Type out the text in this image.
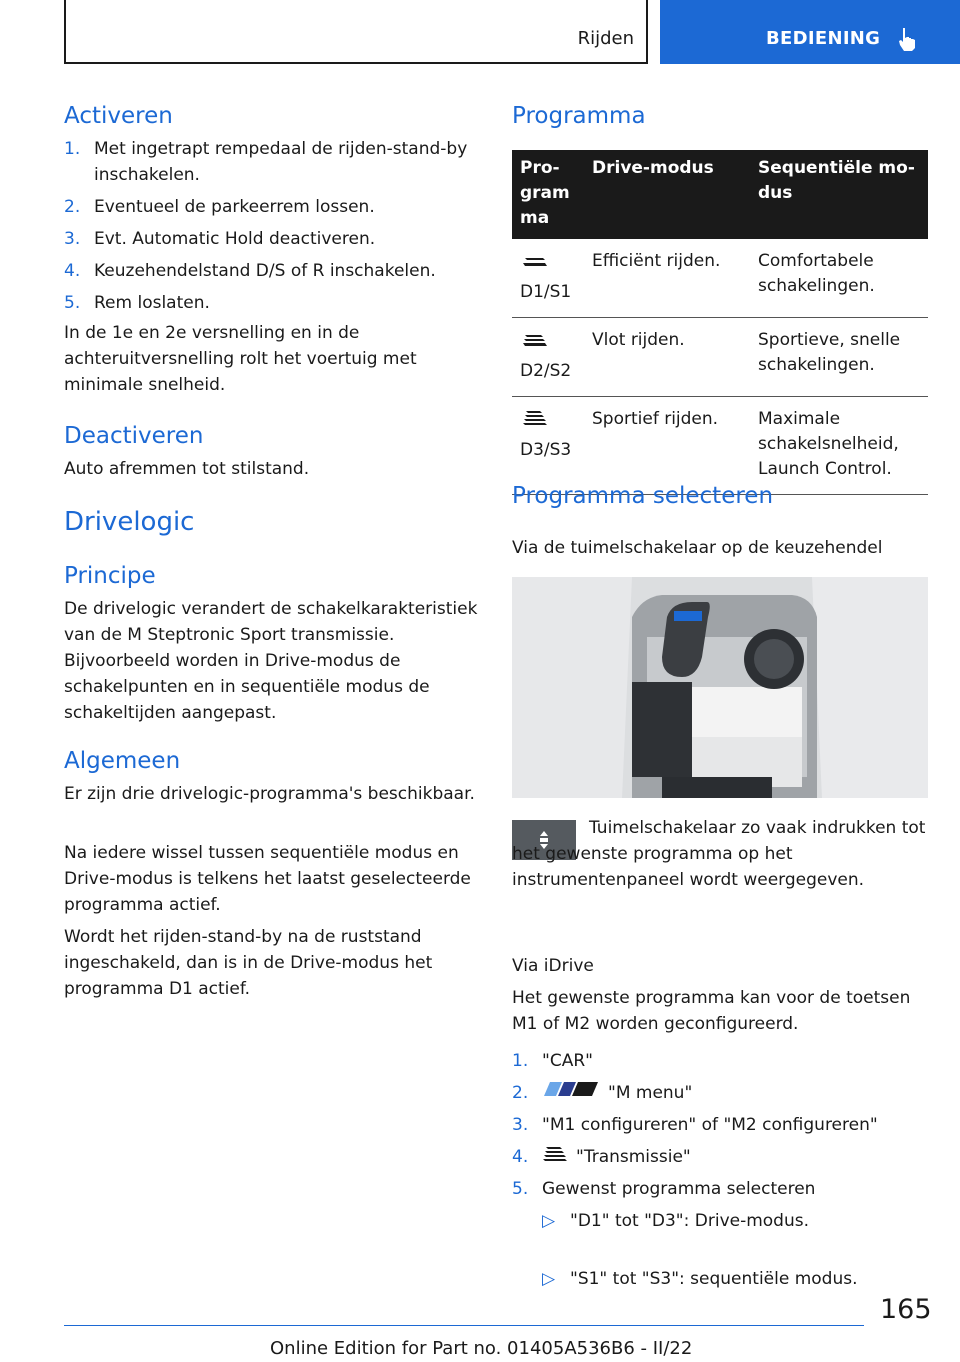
Rijden	BEDIENING
Activeren
1. Met ingetrapt rempedaal de rijden-stand-by inschakelen.
2. Eventueel de parkeerrem lossen.
3. Evt. Automatic Hold deactiveren.
4. Keuzehendelstand D/S of R inschakelen.
5. Rem loslaten.
In de 1e en 2e versnelling en in de achteruitversnelling rolt het voertuig met minimale snelheid.
Deactiveren
Auto afremmen tot stilstand.
Drivelogic
Principe
De drivelogic verandert de schakelkarakteristiek van de M Steptronic Sport transmissie. Bijvoorbeeld worden in Drive-modus de schakelpunten en in sequentiële modus de schakeltijden aangepast.
Algemeen
Er zijn drie drivelogic-programma's beschikbaar.
Na iedere wissel tussen sequentiële modus en Drive-modus is telkens het laatst geselecteerde programma actief.
Wordt het rijden-stand-by na de ruststand ingeschakeld, dan is in de Drive-modus het programma D1 actief.
Programma
Pro-gram ma	Drive-modus	Sequentiële mo-dus

D1/S1	Efficiënt rijden.	Comfortabele schakelingen.

D2/S2	Vlot rijden.	Sportieve, snelle schakelingen.

D3/S3	Sportief rijden.	Maximale schakelsnelheid, Launch Control.
Programma selecteren
Via de tuimelschakelaar op de keuzehendel
Tuimelschakelaar zo vaak indrukken tot het gewenste programma op het instrumentenpaneel wordt weergegeven.
Via iDrive
Het gewenste programma kan voor de toetsen M1 of M2 worden geconfigureerd.
1. "CAR"
2.	"M menu"
3. "M1 configureren" of "M2 configureren"
4.	"Transmissie"
5. Gewenst programma selecteren
▷ "D1" tot "D3": Drive-modus.
▷ "S1" tot "S3": sequentiële modus.
165
Online Edition for Part no. 01405A536B6 - II/22
